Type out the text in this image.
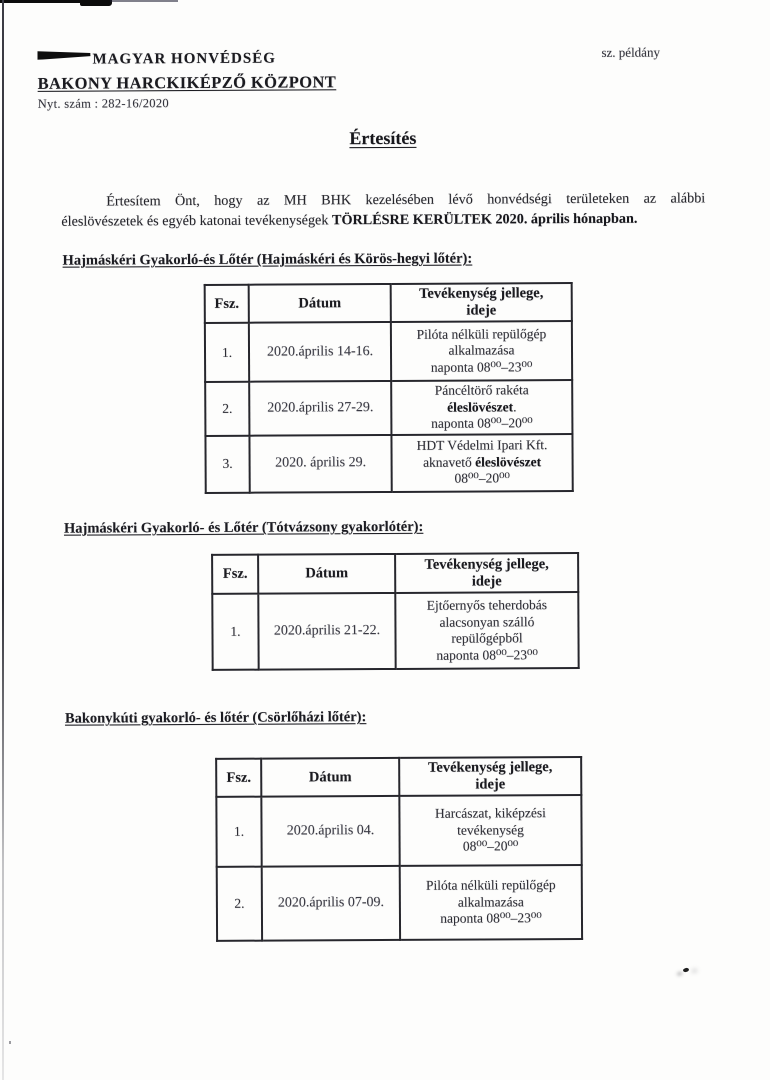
MAGYAR HONVÉDSÉG	sz. példány
BAKONY HARCKIKÉPZŐ KÖZPONT
Nyt. szám : 282-16/2020
Értesítés
Értesítem Önt, hogy az MH BHK kezelésében lévő honvédségi területeken az alábbi
éleslövészetek és egyéb katonai tevékenységek TÖRLÉSRE KERÜLTEK 2020. április hónapban.
Hajmáskéri Gyakorló-és Lőtér (Hajmáskéri és Körös-hegyi lőtér):
Fsz.	Dátum	Tevékenység jellege,
ideje

1.	2020.április 14-16.	Pilóta nélküli repülőgép
alkalmazása
naponta 08⁰⁰–23⁰⁰

2.	2020.április 27-29.	Páncéltörő rakéta
éleslövészet.
naponta 08⁰⁰–20⁰⁰

3.	2020. április 29.	HDT Védelmi Ipari Kft.
aknavető éleslövészet
08⁰⁰–20⁰⁰
Hajmáskéri Gyakorló- és Lőtér (Tótvázsony gyakorlótér):
Fsz.	Dátum	Tevékenység jellege,
ideje

1.	2020.április 21-22.	Ejtőernyős teherdobás
alacsonyan szálló
repülőgépből
naponta 08⁰⁰–23⁰⁰
Bakonykúti gyakorló- és lőtér (Csörlőházi lőtér):
Fsz.	Dátum	Tevékenység jellege,
ideje

1.	2020.április 04.	Harcászat, kiképzési
tevékenység
08⁰⁰–20⁰⁰

2.	2020.április 07-09.	Pilóta nélküli repülőgép
alkalmazása
naponta 08⁰⁰–23⁰⁰
